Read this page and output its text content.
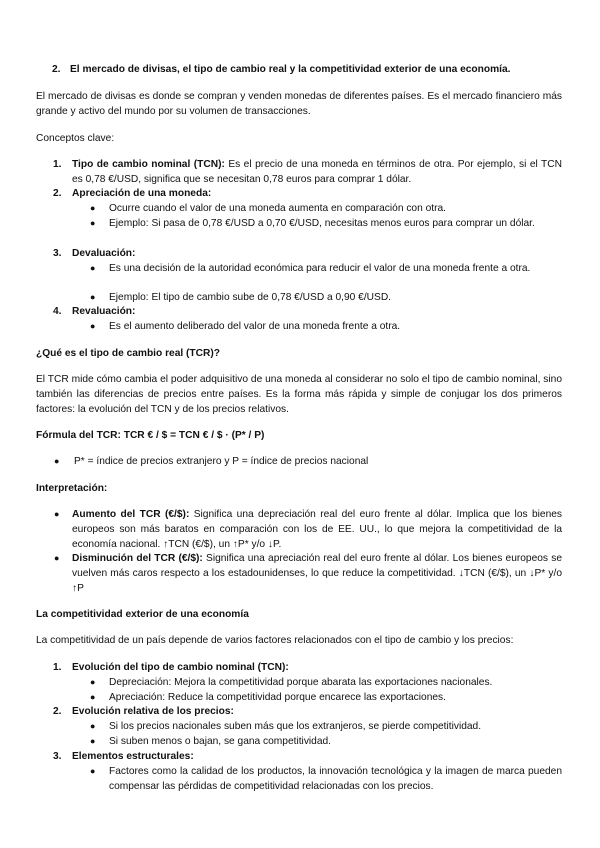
2. El mercado de divisas, el tipo de cambio real y la competitividad exterior de una economía.
El mercado de divisas es donde se compran y venden monedas de diferentes países. Es el mercado financiero más grande y activo del mundo por su volumen de transacciones.
Conceptos clave:
1. Tipo de cambio nominal (TCN): Es el precio de una moneda en términos de otra. Por ejemplo, si el TCN es 0,78 €/USD, significa que se necesitan 0,78 euros para comprar 1 dólar.
2. Apreciación de una moneda:
● Ocurre cuando el valor de una moneda aumenta en comparación con otra.
● Ejemplo: Si pasa de 0,78 €/USD a 0,70 €/USD, necesitas menos euros para comprar un dólar.
3. Devaluación:
● Es una decisión de la autoridad económica para reducir el valor de una moneda frente a otra.
● Ejemplo: El tipo de cambio sube de 0,78 €/USD a 0,90 €/USD.
4. Revaluación:
● Es el aumento deliberado del valor de una moneda frente a otra.
¿Qué es el tipo de cambio real (TCR)?
El TCR mide cómo cambia el poder adquisitivo de una moneda al considerar no solo el tipo de cambio nominal, sino también las diferencias de precios entre países. Es la forma más rápida y simple de conjugar los dos primeros factores: la evolución del TCN y de los precios relativos.
Fórmula del TCR: TCR € / $ = TCN € / $ · (P* / P)
● P* = índice de precios extranjero y P = índice de precios nacional
Interpretación:
● Aumento del TCR (€/$): Significa una depreciación real del euro frente al dólar. Implica que los bienes europeos son más baratos en comparación con los de EE. UU., lo que mejora la competitividad de la economía nacional. ↑TCN (€/$), un ↑P* y/o ↓P.
● Disminución del TCR (€/$): Significa una apreciación real del euro frente al dólar. Los bienes europeos se vuelven más caros respecto a los estadounidenses, lo que reduce la competitividad. ↓TCN (€/$), un ↓P* y/o ↑P
La competitividad exterior de una economía
La competitividad de un país depende de varios factores relacionados con el tipo de cambio y los precios:
1. Evolución del tipo de cambio nominal (TCN):
● Depreciación: Mejora la competitividad porque abarata las exportaciones nacionales.
● Apreciación: Reduce la competitividad porque encarece las exportaciones.
2. Evolución relativa de los precios:
● Si los precios nacionales suben más que los extranjeros, se pierde competitividad.
● Si suben menos o bajan, se gana competitividad.
3. Elementos estructurales:
● Factores como la calidad de los productos, la innovación tecnológica y la imagen de marca pueden compensar las pérdidas de competitividad relacionadas con los precios.
